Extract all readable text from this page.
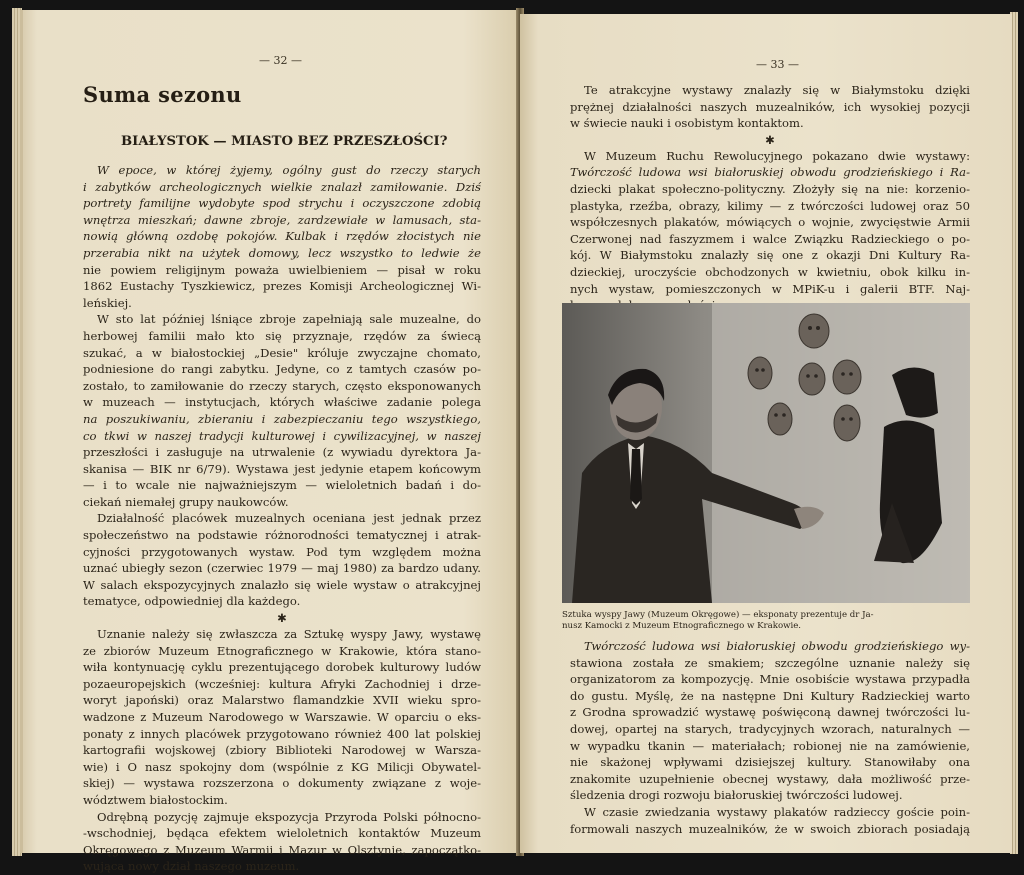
— 32 —
Suma sezonu
BIAŁYSTOK — MIASTO BEZ PRZESZŁOŚCI?
W epoce, w której żyjemy, ogólny gust do rzeczy starych
i zabytków archeologicznych wielkie znalazł zamiłowanie. Dziś
portrety familijne wydobyte spod strychu i oczyszczone zdobią
wnętrza mieszkań; dawne zbroje, zardzewiałe w lamusach, sta-
nowią główną ozdobę pokojów. Kulbak i rzędów złocistych nie
przerabia nikt na użytek domowy, lecz wszystko to ledwie że
nie powiem religijnym poważa uwielbieniem — pisał w roku
1862 Eustachy Tyszkiewicz, prezes Komisji Archeologicznej Wi-
leńskiej.
W sto lat później lśniące zbroje zapełniają sale muzealne, do
herbowej familii mało kto się przyznaje, rzędów za świecą
szukać, a w białostockiej „Desie" króluje zwyczajne chomato,
podniesione do rangi zabytku. Jedyne, co z tamtych czasów po-
zostało, to zamiłowanie do rzeczy starych, często eksponowanych
w muzeach — instytucjach, których właściwe zadanie polega
na poszukiwaniu, zbieraniu i zabezpieczaniu tego wszystkiego,
co tkwi w naszej tradycji kulturowej i cywilizacyjnej, w naszej
przeszłości i zasługuje na utrwalenie (z wywiadu dyrektora Ja-
skanisa — BIK nr 6/79). Wystawa jest jedynie etapem końcowym
— i to wcale nie najważniejszym — wieloletnich badań i do-
ciekań niemałej grupy naukowców.
Działalność placówek muzealnych oceniana jest jednak przez
społeczeństwo na podstawie różnorodności tematycznej i atrak-
cyjności przygotowanych wystaw. Pod tym względem można
uznać ubiegły sezon (czerwiec 1979 — maj 1980) za bardzo udany.
W salach ekspozycyjnych znalazło się wiele wystaw o atrakcyjnej
tematyce, odpowiedniej dla każdego.
✱
Uznanie należy się zwłaszcza za Sztukę wyspy Jawy, wystawę
ze zbiorów Muzeum Etnograficznego w Krakowie, która stano-
wiła kontynuację cyklu prezentującego dorobek kulturowy ludów
pozaeuropejskich (wcześniej: kultura Afryki Zachodniej i drze-
woryt japoński) oraz Malarstwo flamandzkie XVII wieku spro-
wadzone z Muzeum Narodowego w Warszawie. W oparciu o eks-
ponaty z innych placówek przygotowano również 400 lat polskiej
kartografii wojskowej (zbiory Biblioteki Narodowej w Warsza-
wie) i O nasz spokojny dom (wspólnie z KG Milicji Obywatel-
skiej) — wystawa rozszerzona o dokumenty związane z woje-
wództwem białostockim.
Odrębną pozycję zajmuje ekspozycja Przyroda Polski północno-
-wschodniej, będąca efektem wieloletnich kontaktów Muzeum
Okręgowego z Muzeum Warmii i Mazur w Olsztynie, zapoczątko-
wująca nowy dział naszego muzeum.
— 33 —
Te atrakcyjne wystawy znalazły się w Białymstoku dzięki
prężnej działalności naszych muzealników, ich wysokiej pozycji
w świecie nauki i osobistym kontaktom.
✱
W Muzeum Ruchu Rewolucyjnego pokazano dwie wystawy:
Twórczość ludowa wsi białoruskiej obwodu grodzieńskiego i Ra-
dziecki plakat społeczno-polityczny. Złożyły się na nie: korzenio-
plastyka, rzeźba, obrazy, kilimy — z twórczości ludowej oraz 50
współczesnych plakatów, mówiących o wojnie, zwycięstwie Armii
Czerwonej nad faszyzmem i walce Związku Radzieckiego o po-
kój. W Białymstoku znalazły się one z okazji Dni Kultury Ra-
dzieckiej, uroczyście obchodzonych w kwietniu, obok kilku in-
nych wystaw, pomieszczonych w MPiK-u i galerii BTF. Naj-
Sztuka wyspy Jawy (Muzeum Okręgowe) — eksponaty prezentuje dr Ja-
nusz Kamocki z Muzeum Etnograficznego w Krakowie.
Twórczość ludowa wsi białoruskiej obwodu grodzieńskiego wy-
stawiona została ze smakiem; szczególne uznanie należy się
organizatorom za kompozycję. Mnie osobiście wystawa przypadła
do gustu. Myślę, że na następne Dni Kultury Radzieckiej warto
z Grodna sprowadzić wystawę poświęconą dawnej twórczości lu-
dowej, opartej na starych, tradycyjnych wzorach, naturalnych —
w wypadku tkanin — materiałach; robionej nie na zamówienie,
nie skażonej wpływami dzisiejszej kultury. Stanowiłaby ona
znakomite uzupełnienie obecnej wystawy, dała możliwość prze-
śledzenia drogi rozwoju białoruskiej twórczości ludowej.
W czasie zwiedzania wystawy plakatów radzieccy goście poin-
formowali naszych muzealników, że w swoich zbiorach posiadają
